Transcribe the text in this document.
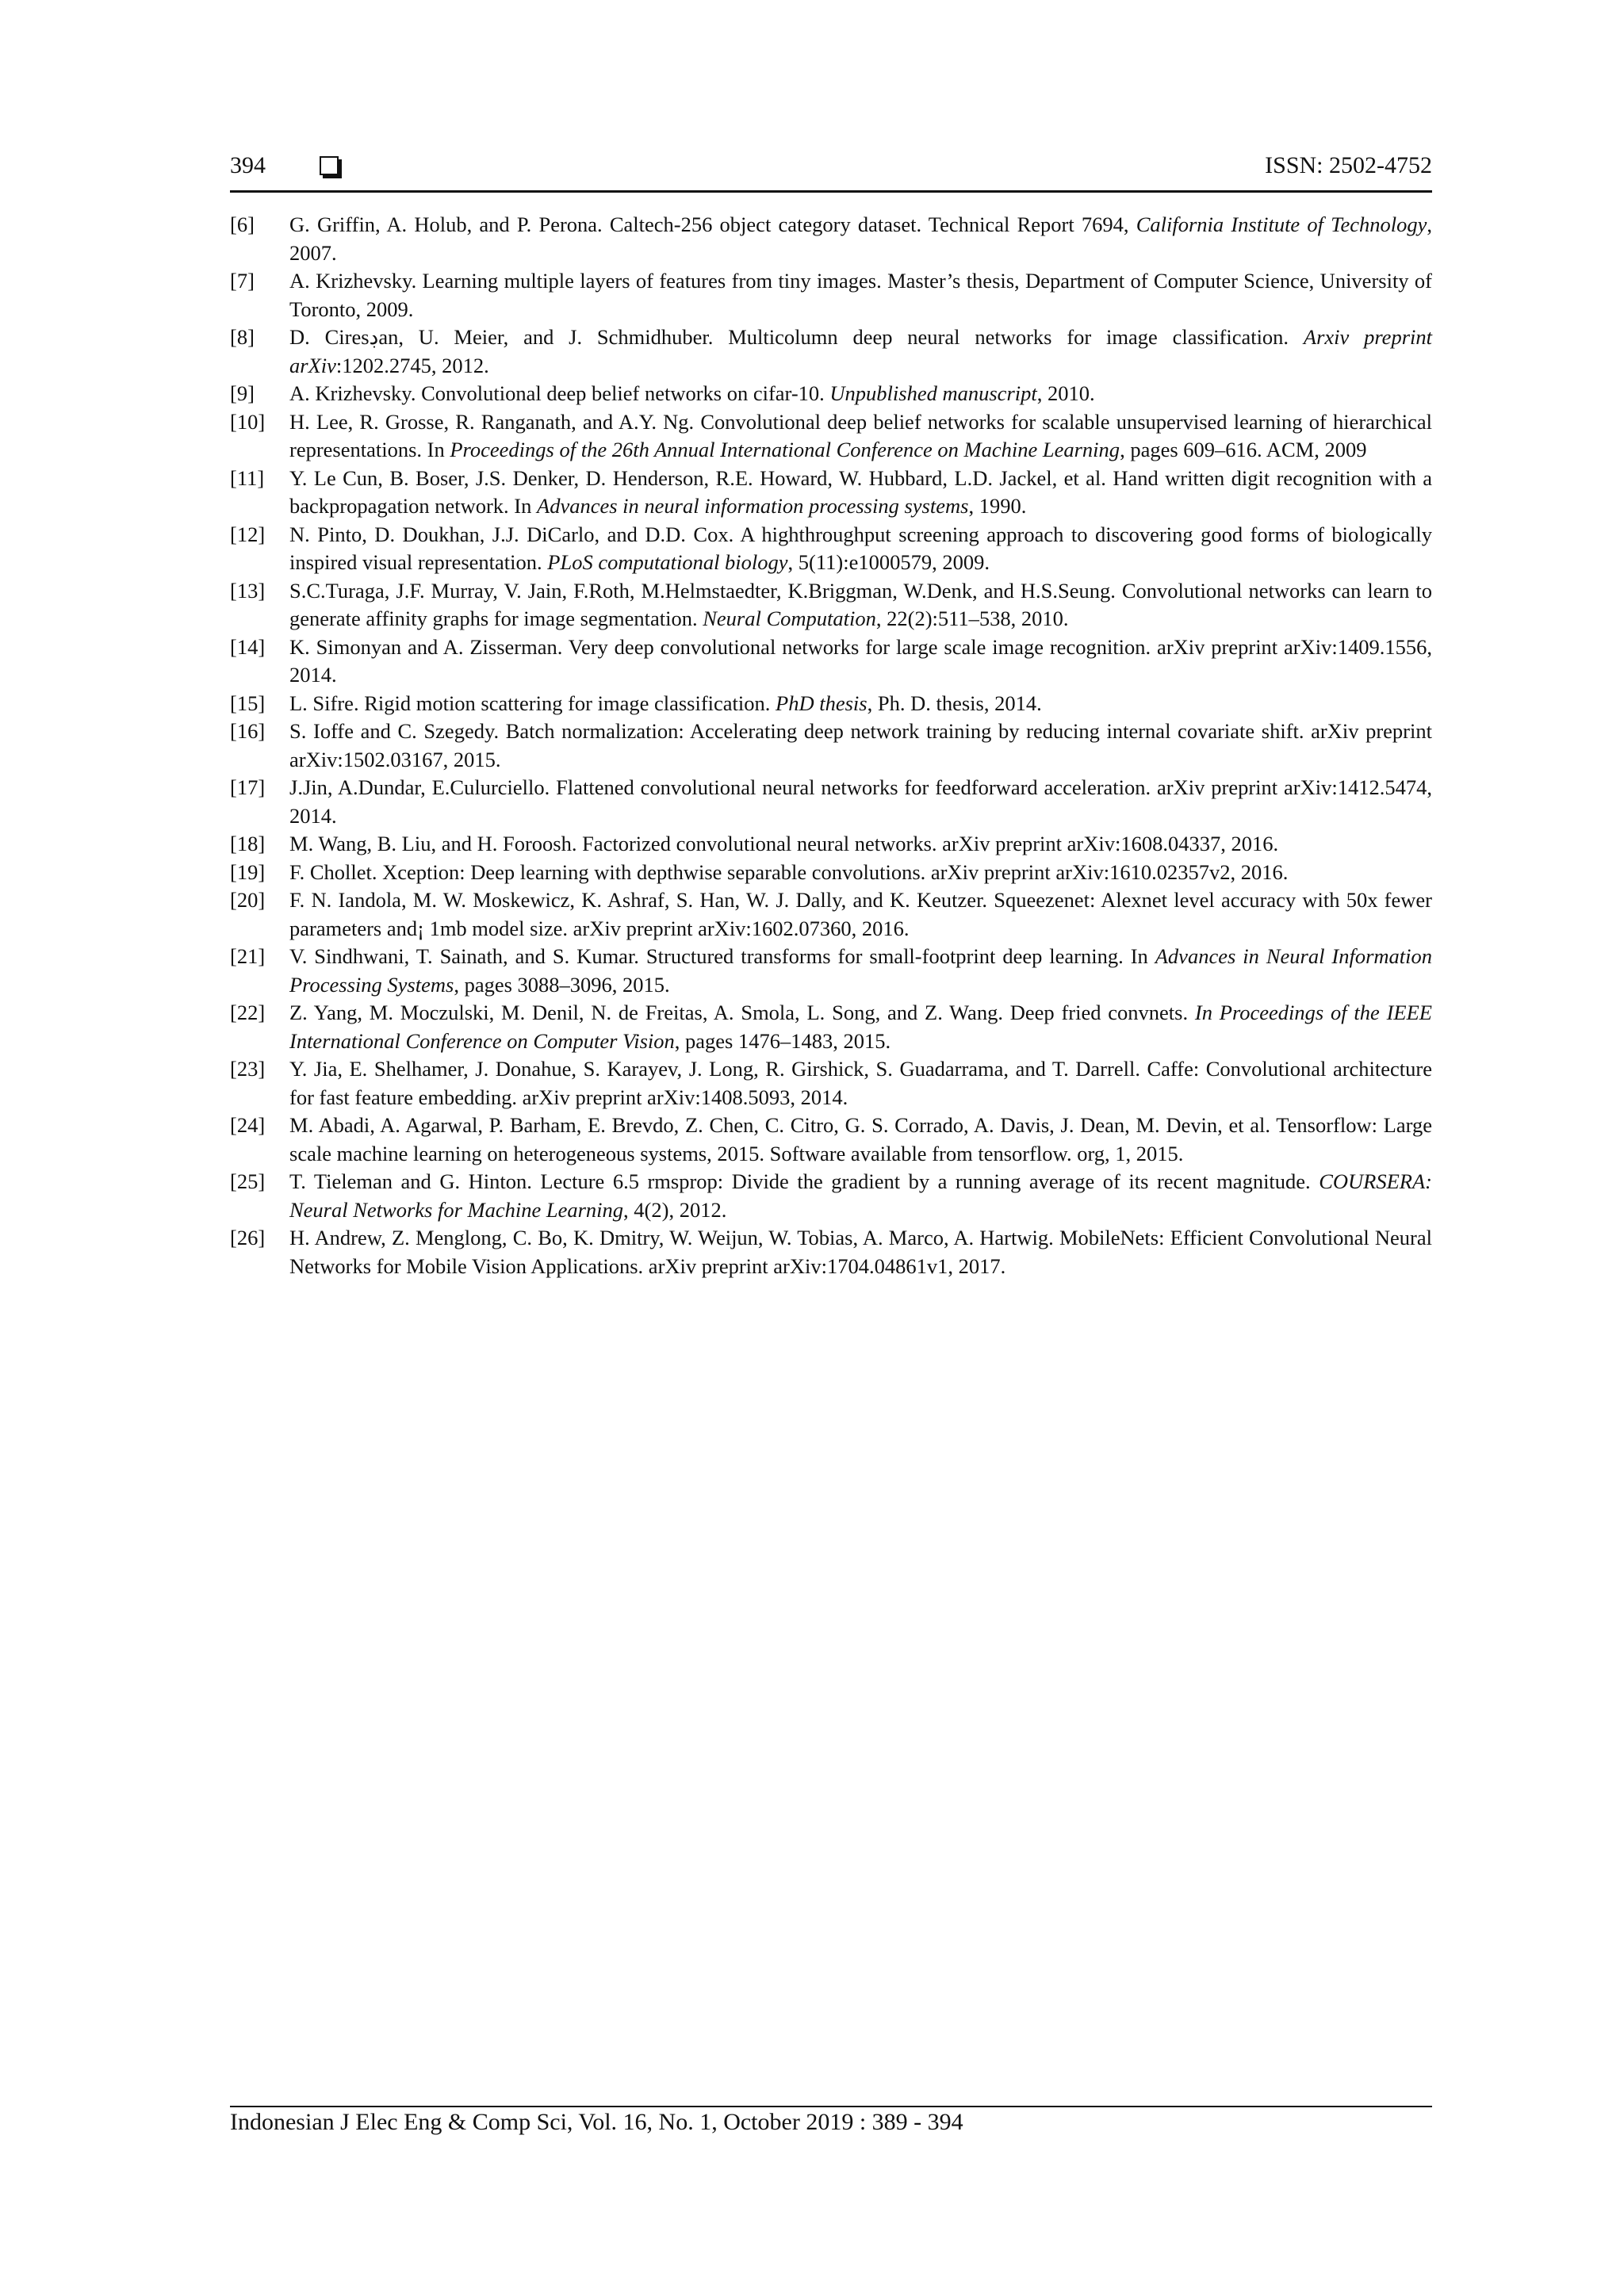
394	ISSN: 2502-4752
[6] G. Griffin, A. Holub, and P. Perona. Caltech-256 object category dataset. Technical Report 7694, California Institute of Technology, 2007.
[7] A. Krizhevsky. Learning multiple layers of features from tiny images. Master’s thesis, Department of Computer Science, University of Toronto, 2009.
[8] D. Ciresڊan, U. Meier, and J. Schmidhuber. Multicolumn deep neural networks for image classification. Arxiv preprint arXiv:1202.2745, 2012.
[9] A. Krizhevsky. Convolutional deep belief networks on cifar-10. Unpublished manuscript, 2010.
[10] H. Lee, R. Grosse, R. Ranganath, and A.Y. Ng. Convolutional deep belief networks for scalable unsupervised learning of hierarchical representations. In Proceedings of the 26th Annual International Conference on Machine Learning, pages 609–616. ACM, 2009
[11] Y. Le Cun, B. Boser, J.S. Denker, D. Henderson, R.E. Howard, W. Hubbard, L.D. Jackel, et al. Hand written digit recognition with a backpropagation network. In Advances in neural information processing systems, 1990.
[12] N. Pinto, D. Doukhan, J.J. DiCarlo, and D.D. Cox. A highthroughput screening approach to discovering good forms of biologically inspired visual representation. PLoS computational biology, 5(11):e1000579, 2009.
[13] S.C.Turaga, J.F. Murray, V. Jain, F.Roth, M.Helmstaedter, K.Briggman, W.Denk, and H.S.Seung. Convolutional networks can learn to generate affinity graphs for image segmentation. Neural Computation, 22(2):511–538, 2010.
[14] K. Simonyan and A. Zisserman. Very deep convolutional networks for large scale image recognition. arXiv preprint arXiv:1409.1556, 2014.
[15] L. Sifre. Rigid motion scattering for image classification. PhD thesis, Ph. D. thesis, 2014.
[16] S. Ioffe and C. Szegedy. Batch normalization: Accelerating deep network training by reducing internal covariate shift. arXiv preprint arXiv:1502.03167, 2015.
[17] J.Jin, A.Dundar, E.Culurciello. Flattened convolutional neural networks for feedforward acceleration. arXiv preprint arXiv:1412.5474, 2014.
[18] M. Wang, B. Liu, and H. Foroosh. Factorized convolutional neural networks. arXiv preprint arXiv:1608.04337, 2016.
[19] F. Chollet. Xception: Deep learning with depthwise separable convolutions. arXiv preprint arXiv:1610.02357v2, 2016.
[20] F. N. Iandola, M. W. Moskewicz, K. Ashraf, S. Han, W. J. Dally, and K. Keutzer. Squeezenet: Alexnet level accuracy with 50x fewer parameters and¡ 1mb model size. arXiv preprint arXiv:1602.07360, 2016.
[21] V. Sindhwani, T. Sainath, and S. Kumar. Structured transforms for small-footprint deep learning. In Advances in Neural Information Processing Systems, pages 3088–3096, 2015.
[22] Z. Yang, M. Moczulski, M. Denil, N. de Freitas, A. Smola, L. Song, and Z. Wang. Deep fried convnets. In Proceedings of the IEEE International Conference on Computer Vision, pages 1476–1483, 2015.
[23] Y. Jia, E. Shelhamer, J. Donahue, S. Karayev, J. Long, R. Girshick, S. Guadarrama, and T. Darrell. Caffe: Convolutional architecture for fast feature embedding. arXiv preprint arXiv:1408.5093, 2014.
[24] M. Abadi, A. Agarwal, P. Barham, E. Brevdo, Z. Chen, C. Citro, G. S. Corrado, A. Davis, J. Dean, M. Devin, et al. Tensorflow: Large scale machine learning on heterogeneous systems, 2015. Software available from tensorflow. org, 1, 2015.
[25] T. Tieleman and G. Hinton. Lecture 6.5 rmsprop: Divide the gradient by a running average of its recent magnitude. COURSERA: Neural Networks for Machine Learning, 4(2), 2012.
[26] H. Andrew, Z. Menglong, C. Bo, K. Dmitry, W. Weijun, W. Tobias, A. Marco, A. Hartwig. MobileNets: Efficient Convolutional Neural Networks for Mobile Vision Applications. arXiv preprint arXiv:1704.04861v1, 2017.
Indonesian J Elec Eng & Comp Sci, Vol. 16, No. 1, October 2019 : 389 - 394
